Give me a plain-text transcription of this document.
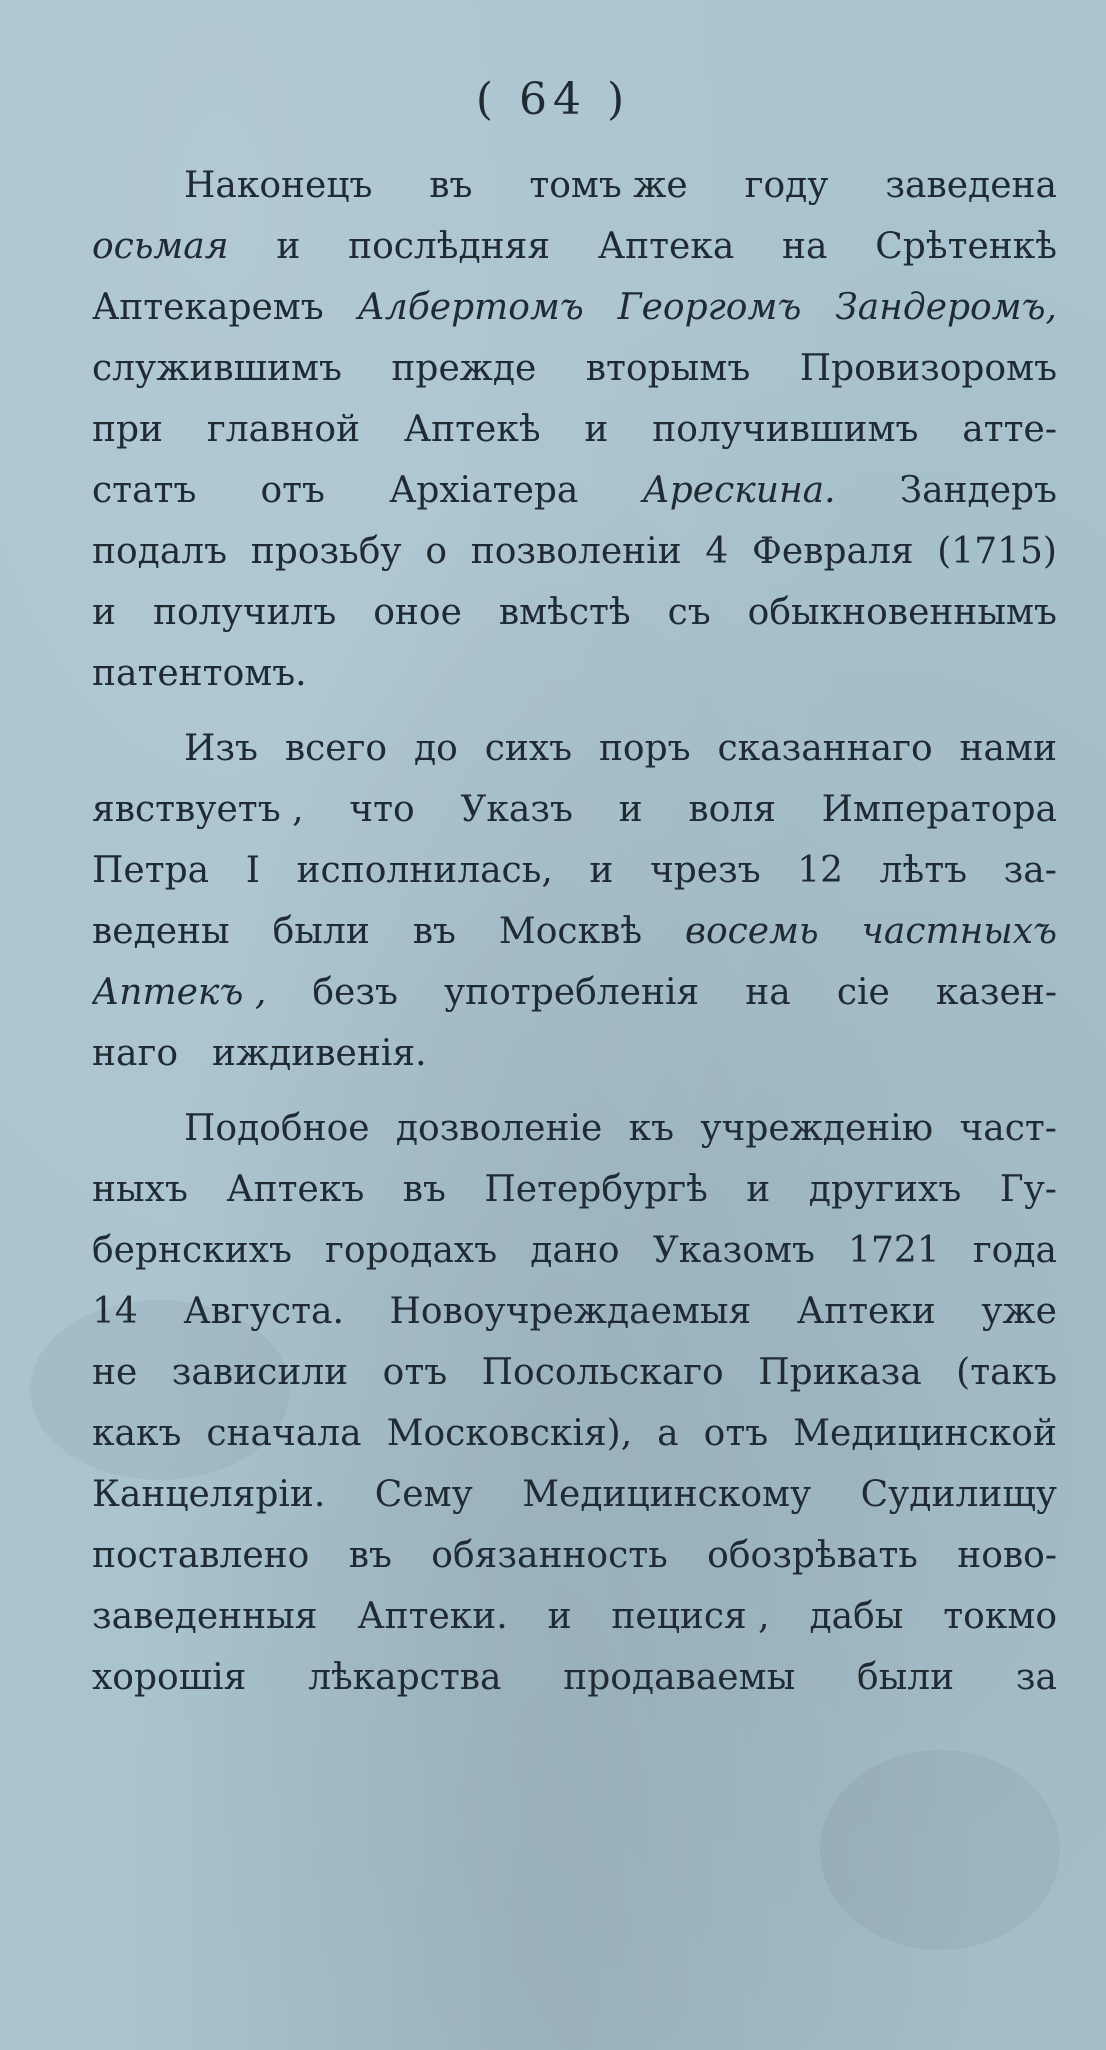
( 64 )
Наконецъ въ томъ же году заведена
осьмая и послѣдняя Аптека на Срѣтенкѣ
Аптекаремъ Албертомъ Георгомъ Зандеромъ,
служившимъ прежде вторымъ Провизоромъ
при главной Аптекѣ и получившимъ аттe-
статъ отъ Архіатера Арескина. Зандеръ
подалъ прозьбу о позволеніи 4 Февраля (1715)
и получилъ оное вмѣстѣ съ обыкновеннымъ
патентомъ.
Изъ всего до сихъ поръ сказаннаго нами
явствуетъ , что Указъ и воля Императора
Петра I исполнилась, и чрезъ 12 лѣтъ за-
ведены были въ Москвѣ восемь частныхъ
Аптекъ , безъ употребленія на сіе казен-
наго иждивенія.
Подобное дозволеніе къ учрежденію част-
ныхъ Аптекъ въ Петербургѣ и другихъ Гу-
бернскихъ городахъ дано Указомъ 1721 года
14 Августа. Новоучреждаемыя Аптеки уже
не зависили отъ Посольскаго Приказа (такъ
какъ сначала Московскія), а отъ Медицинской
Канцеляріи. Сему Медицинскому Судилищу
поставлено въ обязанность обозрѣвать ново-
заведенныя Аптеки. и пецися , дабы токмо
хорошія лѣкарства продаваемы были за
